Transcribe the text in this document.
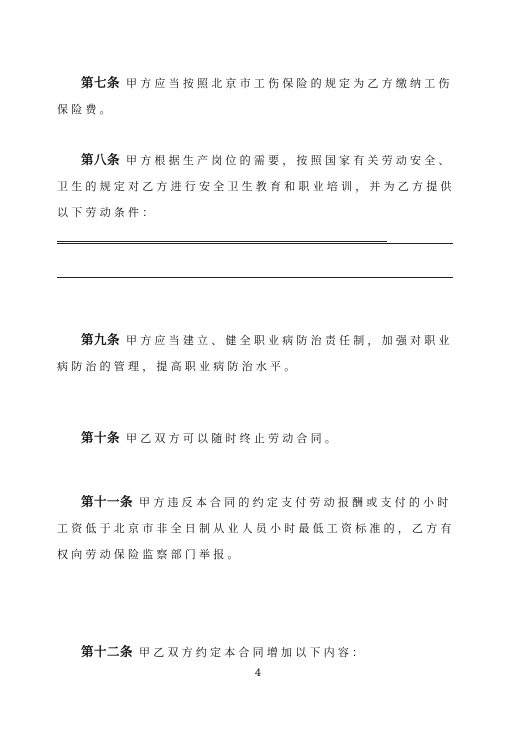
第七条 甲方应当按照北京市工伤保险的规定为乙方缴纳工伤保险费。

第八条 甲方根据生产岗位的需要，按照国家有关劳动安全、卫生的规定对乙方进行安全卫生教育和职业培训，并为乙方提供以下劳动条件：

第九条 甲方应当建立、健全职业病防治责任制，加强对职业病防治的管理，提高职业病防治水平。

第十条 甲乙双方可以随时终止劳动合同。

第十一条 甲方违反本合同的约定支付劳动报酬或支付的小时工资低于北京市非全日制从业人员小时最低工资标准的，乙方有权向劳动保险监察部门举报。

第十二条 甲乙双方约定本合同增加以下内容：

4
